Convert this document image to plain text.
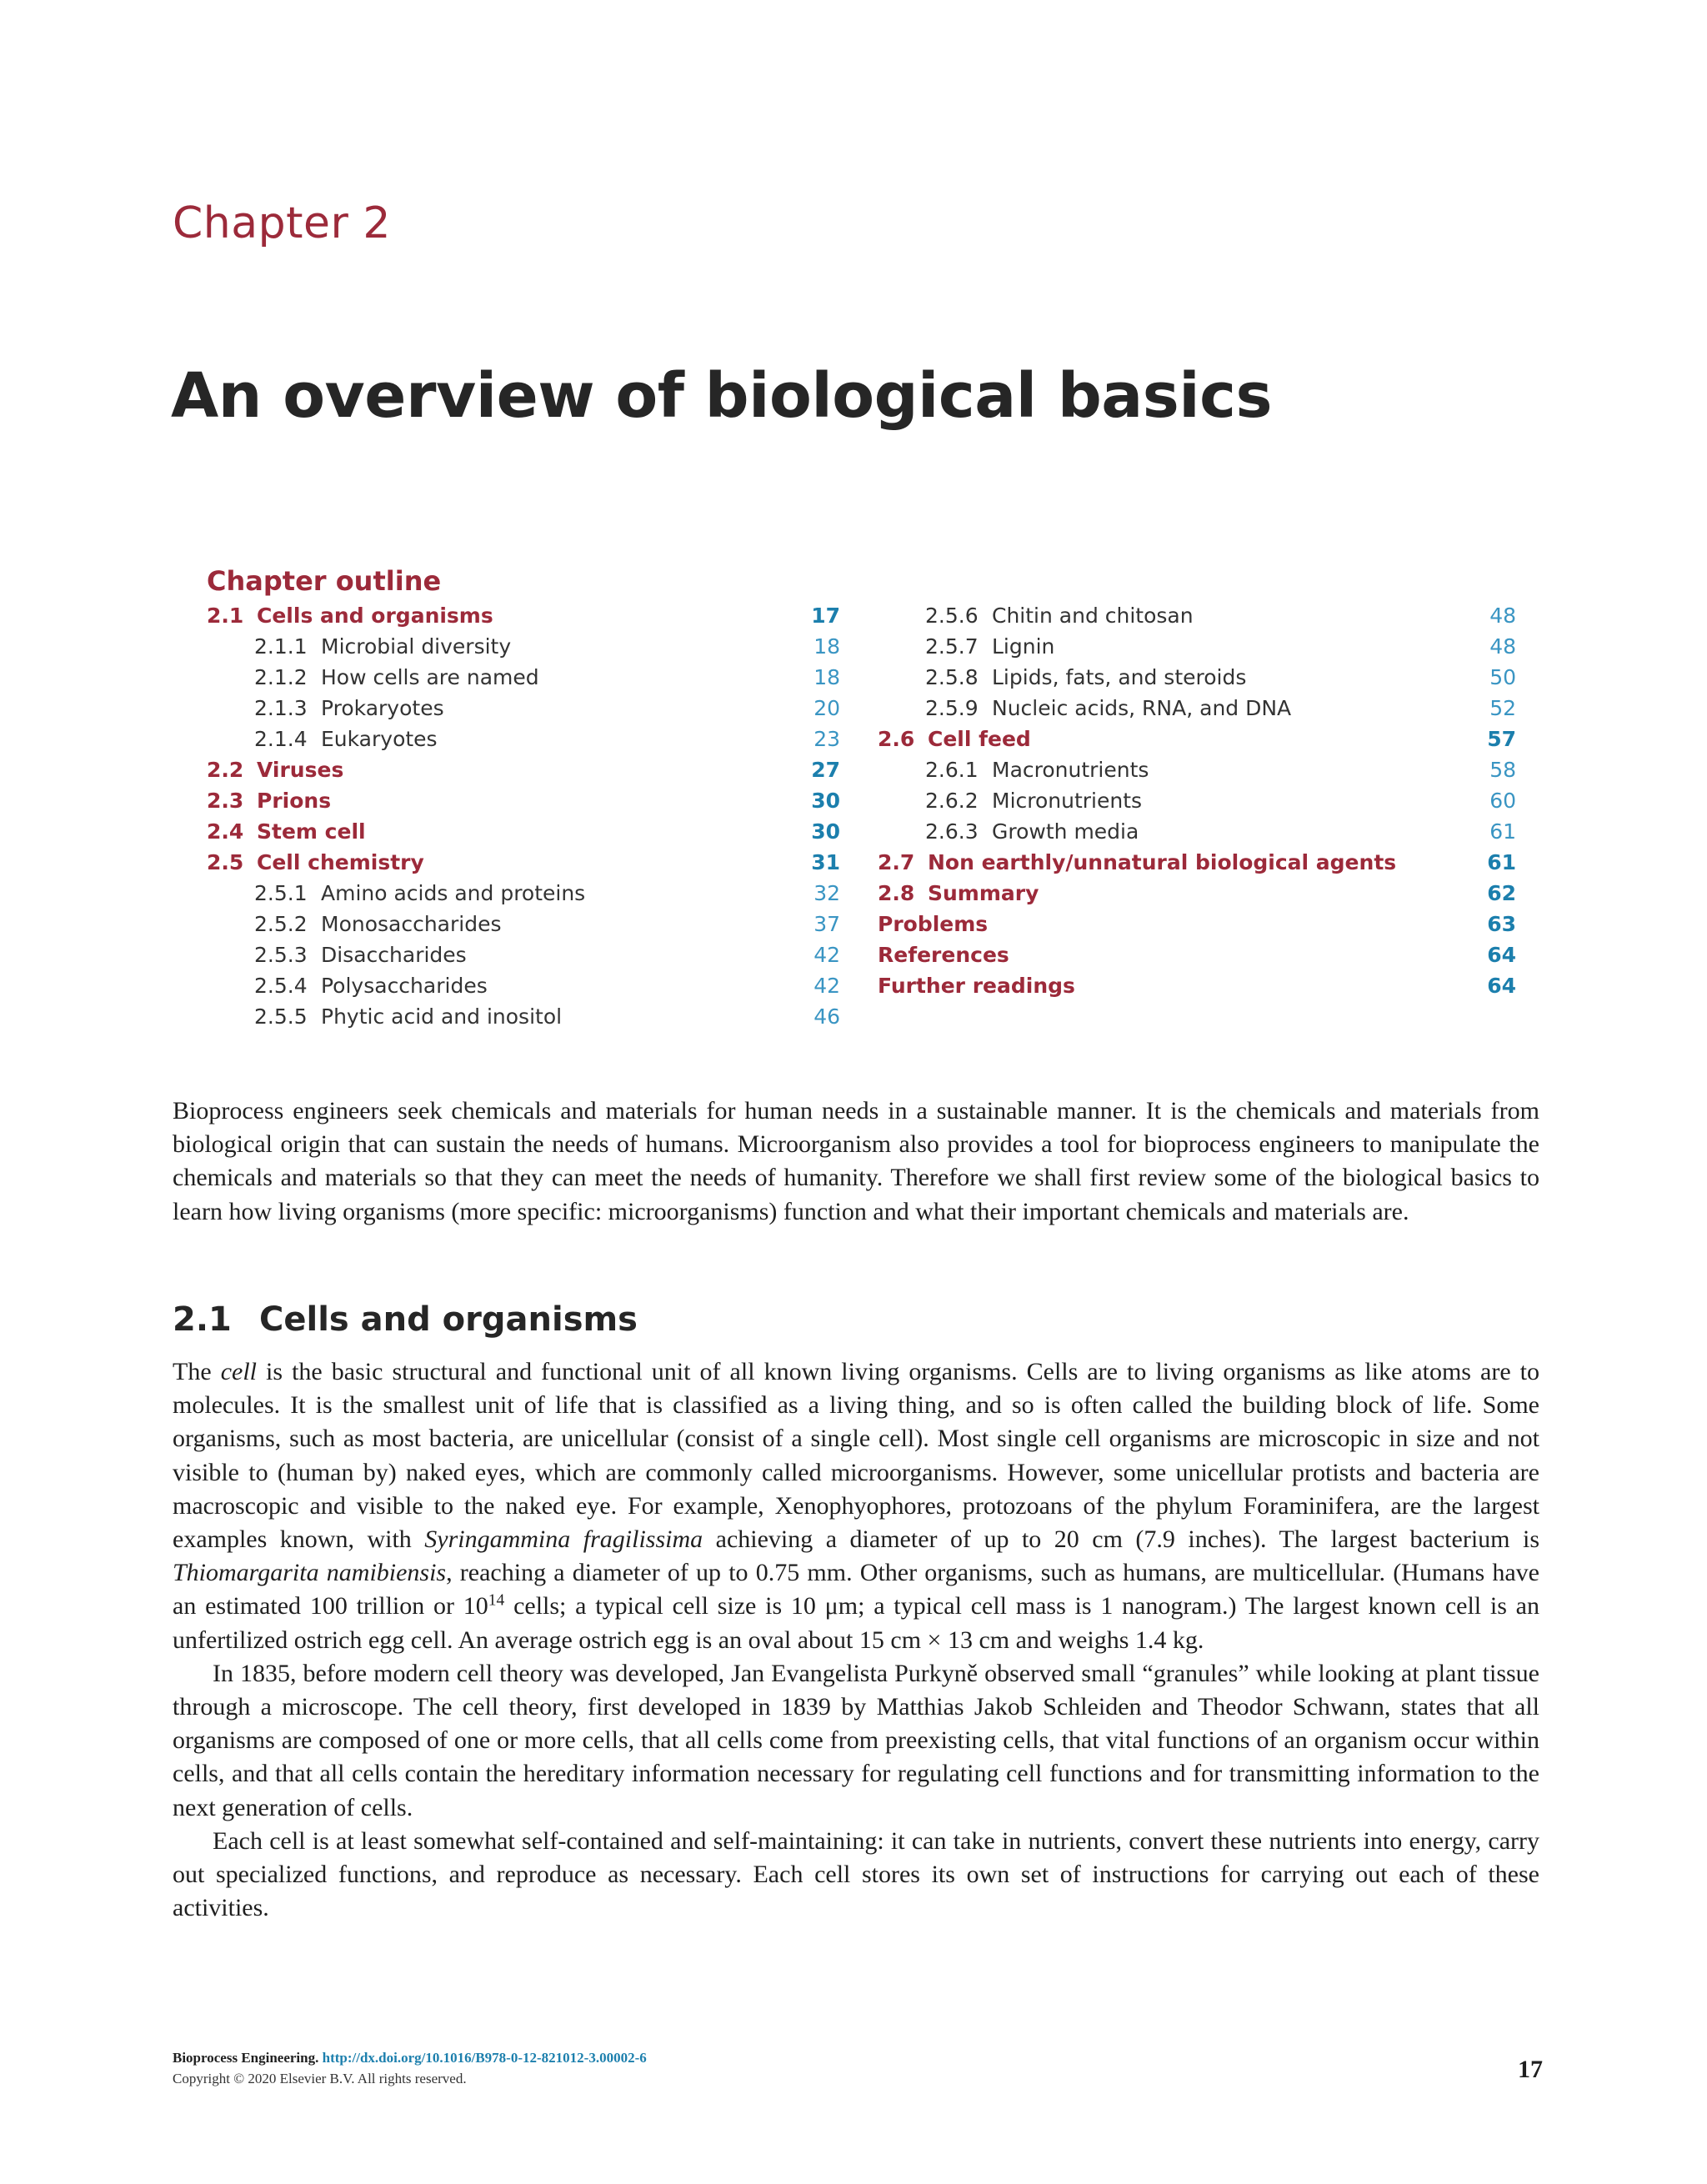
Chapter 2
An overview of biological basics
Chapter outline
2.1 Cells and organisms	17
2.1.1 Microbial diversity	18
2.1.2 How cells are named	18
2.1.3 Prokaryotes	20
2.1.4 Eukaryotes	23
2.2 Viruses	27
2.3 Prions	30
2.4 Stem cell	30
2.5 Cell chemistry	31
2.5.1 Amino acids and proteins	32
2.5.2 Monosaccharides	37
2.5.3 Disaccharides	42
2.5.4 Polysaccharides	42
2.5.5 Phytic acid and inositol	46
2.5.6 Chitin and chitosan	48
2.5.7 Lignin	48
2.5.8 Lipids, fats, and steroids	50
2.5.9 Nucleic acids, RNA, and DNA	52
2.6 Cell feed	57
2.6.1 Macronutrients	58
2.6.2 Micronutrients	60
2.6.3 Growth media	61
2.7 Non earthly/unnatural biological agents	61
2.8 Summary	62
Problems	63
References	64
Further readings	64

Bioprocess engineers seek chemicals and materials for human needs in a sustainable manner. It is the chemicals and materials from biological origin that can sustain the needs of humans. Microorganism also provides a tool for bioprocess engineers to manipulate the chemicals and materials so that they can meet the needs of humanity. Therefore we shall first review some of the biological basics to learn how living organisms (more specific: microorganisms) function and what their important chemicals and materials are.

2.1 Cells and organisms

The cell is the basic structural and functional unit of all known living organisms. Cells are to living organisms as like atoms are to molecules. It is the smallest unit of life that is classified as a living thing, and so is often called the building block of life. Some organisms, such as most bacteria, are unicellular (consist of a single cell). Most single cell organisms are microscopic in size and not visible to (human by) naked eyes, which are commonly called microorganisms. However, some unicellular protists and bacteria are macroscopic and visible to the naked eye. For example, Xenophyophores, protozoans of the phylum Foraminifera, are the largest examples known, with Syringammina fragilissima achieving a diameter of up to 20 cm (7.9 inches). The largest bacterium is Thiomargarita namibiensis, reaching a diameter of up to 0.75 mm. Other organisms, such as humans, are multicellular. (Humans have an estimated 100 trillion or $10^{14}$ cells; a typical cell size is 10 μm; a typical cell mass is 1 nanogram.) The largest known cell is an unfertilized ostrich egg cell. An average ostrich egg is an oval about 15 cm × 13 cm and weighs 1.4 kg.

In 1835, before modern cell theory was developed, Jan Evangelista Purkyně observed small “granules” while looking at plant tissue through a microscope. The cell theory, first developed in 1839 by Matthias Jakob Schleiden and Theodor Schwann, states that all organisms are composed of one or more cells, that all cells come from preexisting cells, that vital functions of an organism occur within cells, and that all cells contain the hereditary information necessary for regulating cell functions and for transmitting information to the next generation of cells.

Each cell is at least somewhat self-contained and self-maintaining: it can take in nutrients, convert these nutrients into energy, carry out specialized functions, and reproduce as necessary. Each cell stores its own set of instructions for carrying out each of these activities.

Bioprocess Engineering. http://dx.doi.org/10.1016/B978-0-12-821012-3.00002-6
Copyright © 2020 Elsevier B.V. All rights reserved.	17
